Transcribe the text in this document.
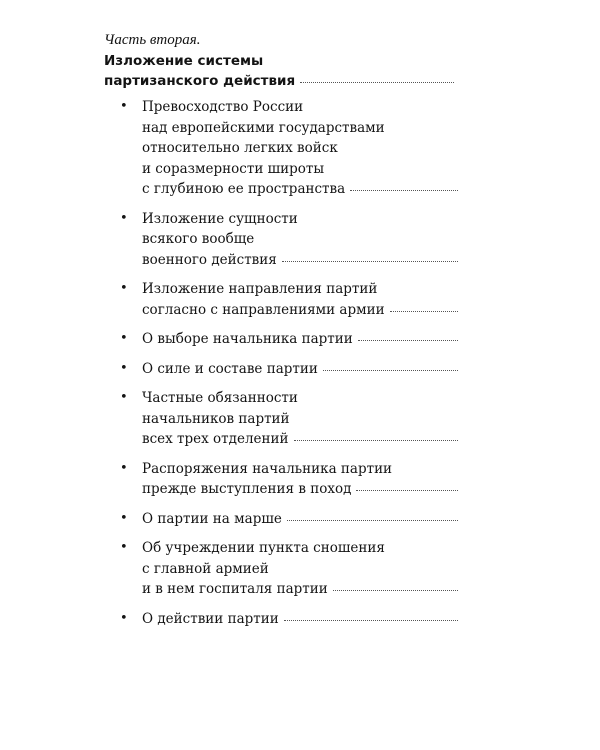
Часть вторая.
Изложение системы
партизанского действия
• Превосходство России
над европейскими государствами
относительно легких войск
и соразмерности широты
с глубиною ее пространства
• Изложение сущности
всякого вообще
военного действия
• Изложение направления партий
согласно с направлениями армии
• О выборе начальника партии
• О силе и составе партии
• Частные обязанности
начальников партий
всех трех отделений
• Распоряжения начальника партии
прежде выступления в поход
• О партии на марше
• Об учреждении пункта сношения
с главной армией
и в нем госпиталя партии
• О действии партии
